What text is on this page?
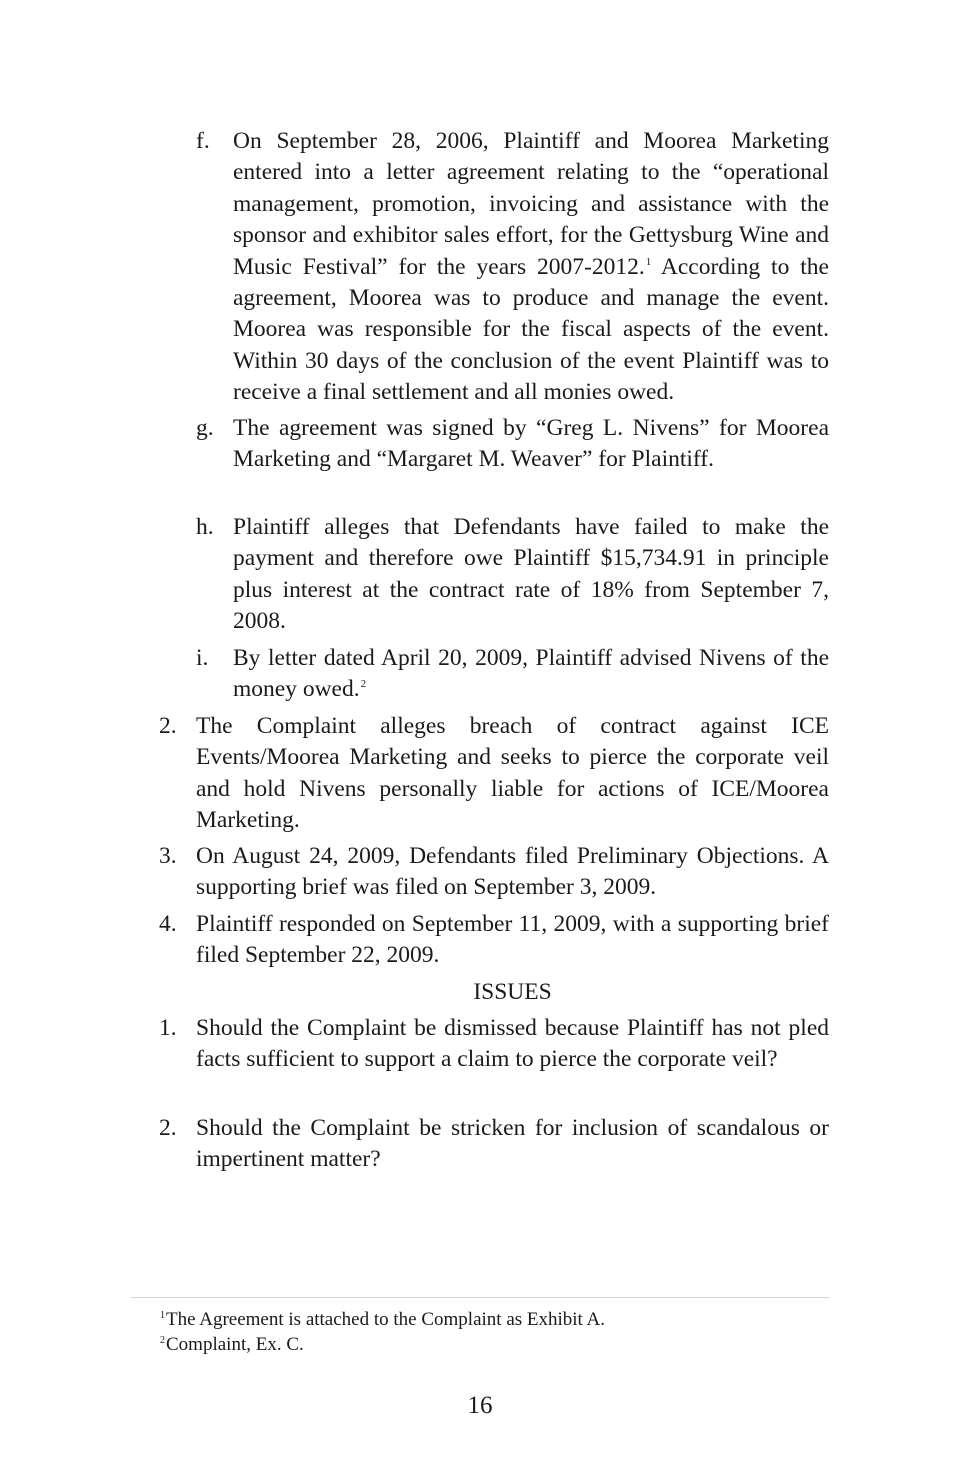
f. On September 28, 2006, Plaintiff and Moorea Marketing entered into a letter agreement relating to the “operational management, promotion, invoicing and assistance with the sponsor and exhibitor sales effort, for the Gettysburg Wine and Music Festival” for the years 2007-2012.$^1$ According to the agreement, Moorea was to produce and manage the event. Moorea was responsible for the fiscal aspects of the event. Within 30 days of the conclusion of the event Plaintiff was to receive a final settlement and all monies owed.
g. The agreement was signed by “Greg L. Nivens” for Moorea Marketing and “Margaret M. Weaver” for Plaintiff.
h. Plaintiff alleges that Defendants have failed to make the payment and therefore owe Plaintiff $15,734.91 in principle plus interest at the contract rate of 18% from September 7, 2008.
i.	By letter dated April 20, 2009, Plaintiff advised Nivens of the money owed.$^2$
2. The Complaint alleges breach of contract against ICE Events/Moorea Marketing and seeks to pierce the corporate veil and hold Nivens personally liable for actions of ICE/Moorea Marketing.
3. On August 24, 2009, Defendants filed Preliminary Objections. A supporting brief was filed on September 3, 2009.
4. Plaintiff responded on September 11, 2009, with a supporting brief filed September 22, 2009.
ISSUES
1. Should the Complaint be dismissed because Plaintiff has not pled facts sufficient to support a claim to pierce the corporate veil?
2. Should the Complaint be stricken for inclusion of scandalous or impertinent matter?
$^1$The Agreement is attached to the Complaint as Exhibit A.
$^2$Complaint, Ex. C.
16
